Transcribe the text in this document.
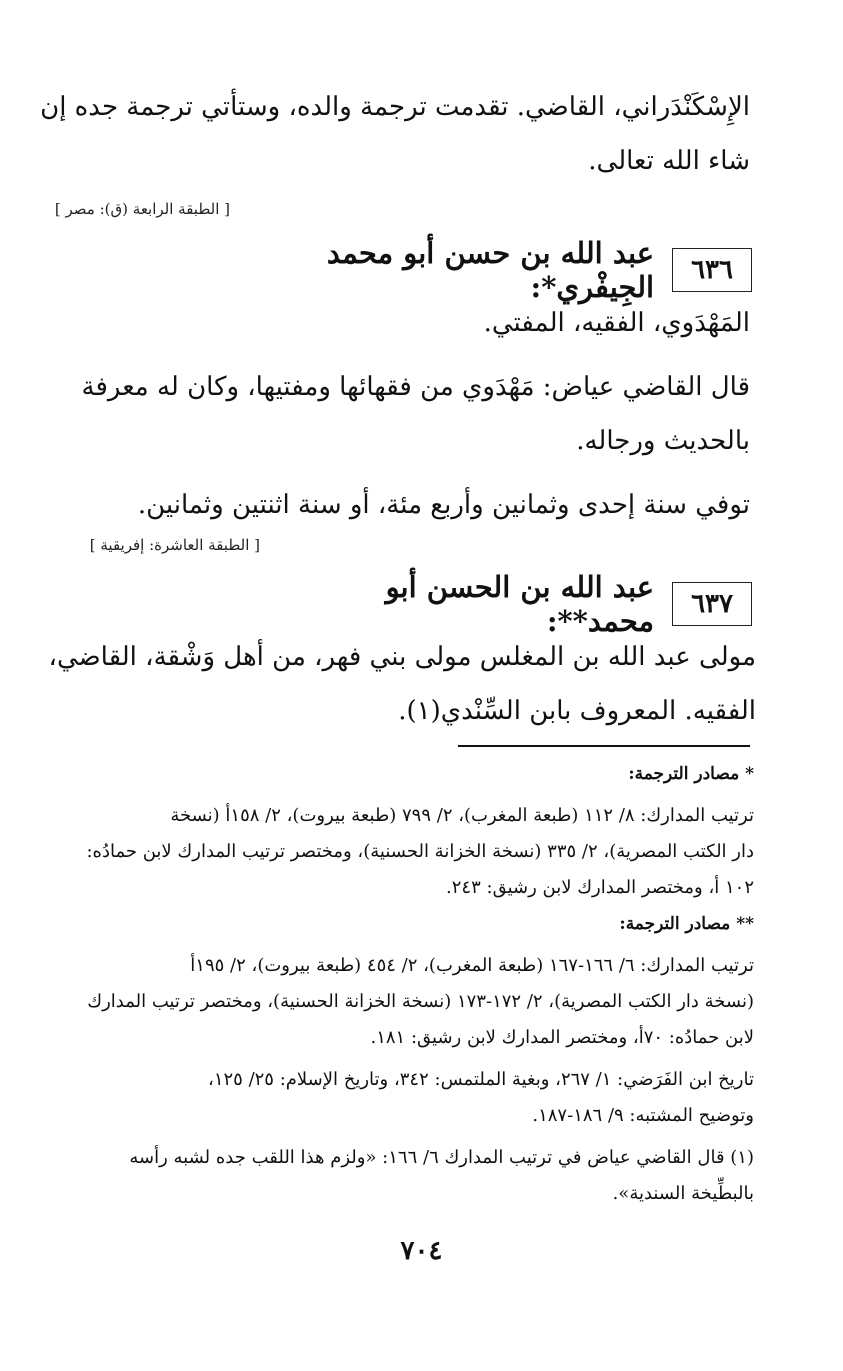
الإِسْكَنْدَراني، القاضي. تقدمت ترجمة والده، وستأتي ترجمة جده إن
شاء الله تعالى.
[ الطبقة الرابعة (ق): مصر ]
٦٣٦
عبد الله بن حسن أبو محمد الجِيفْري*:
المَهْدَوي، الفقيه، المفتي.
قال القاضي عياض: مَهْدَوي من فقهائها ومفتيها، وكان له معرفة
بالحديث ورجاله.
توفي سنة إحدى وثمانين وأربع مئة، أو سنة اثنتين وثمانين.
[ الطبقة العاشرة: إفريقية ]
٦٣٧
عبد الله بن الحسن أبو محمد**:
مولى عبد الله بن المغلس مولى بني فهر، من أهل وَشْقة، القاضي،
الفقيه. المعروف بابن السِّنْدي(١).
* مصادر الترجمة:
ترتيب المدارك: ٨/ ١١٢ (طبعة المغرب)، ٢/ ٧٩٩ (طبعة بيروت)، ٢/ ١٥٨أ (نسخة
دار الكتب المصرية)، ٢/ ٣٣٥ (نسخة الخزانة الحسنية)، ومختصر ترتيب المدارك لابن حمادُه:
١٠٢ أ، ومختصر المدارك لابن رشيق: ٢٤٣.
** مصادر الترجمة:
ترتيب المدارك: ٦/ ١٦٦-١٦٧ (طبعة المغرب)، ٢/ ٤٥٤ (طبعة بيروت)، ٢/ ١٩٥أ
(نسخة دار الكتب المصرية)، ٢/ ١٧٢-١٧٣ (نسخة الخزانة الحسنية)، ومختصر ترتيب المدارك
لابن حمادُه: ٧٠أ، ومختصر المدارك لابن رشيق: ١٨١.
تاريخ ابن الفَرَضي: ١/ ٢٦٧، وبغية الملتمس: ٣٤٢، وتاريخ الإسلام: ٢٥/ ١٢٥،
وتوضيح المشتبه: ٩/ ١٨٦-١٨٧.
(١) قال القاضي عياض في ترتيب المدارك ٦/ ١٦٦: «ولزم هذا اللقب جده لشبه رأسه
بالبطِّيخة السندية».
٧٠٤
